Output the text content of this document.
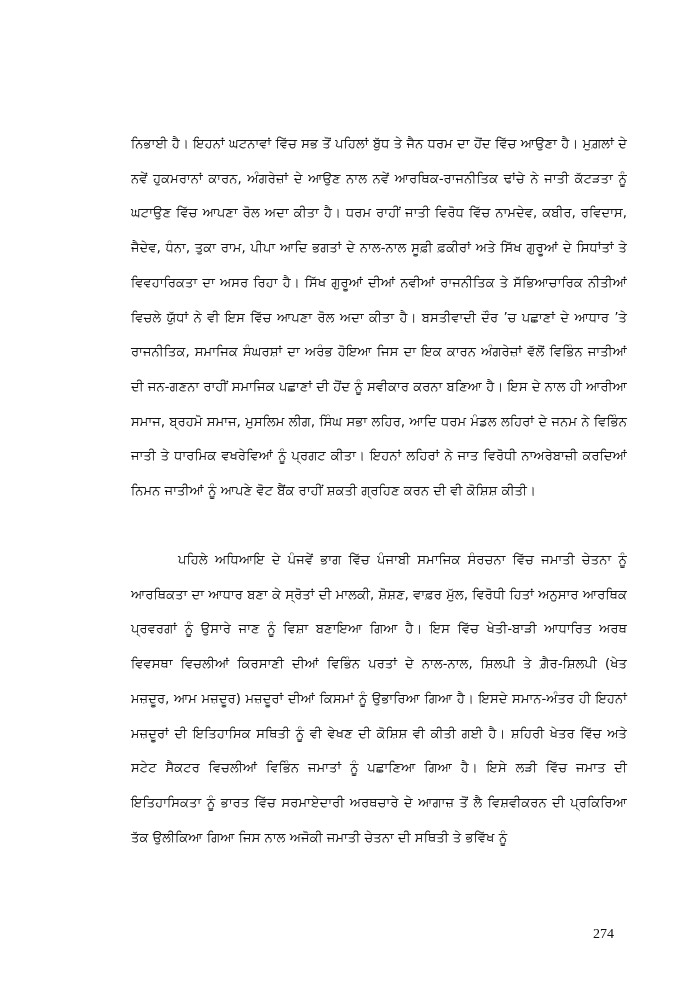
ਨਿਭਾਈ ਹੈ। ਇਹਨਾਂ ਘਟਨਾਵਾਂ ਵਿੱਚ ਸਭ ਤੋਂ ਪਹਿਲਾਂ ਬੁੱਧ ਤੇ ਜੈਨ ਧਰਮ ਦਾ ਹੋਂਦ ਵਿੱਚ ਆਉਣਾ ਹੈ। ਮੁਗ਼ਲਾਂ ਦੇ ਨਵੇਂ ਹੁਕਮਰਾਨਾਂ ਕਾਰਨ, ਅੰਗਰੇਜ਼ਾਂ ਦੇ ਆਉਣ ਨਾਲ ਨਵੇਂ ਆਰਥਿਕ-ਰਾਜਨੀਤਿਕ ਢਾਂਚੇ ਨੇ ਜਾਤੀ ਕੱਟੜਤਾ ਨੂੰ ਘਟਾਉਣ ਵਿੱਚ ਆਪਣਾ ਰੋਲ ਅਦਾ ਕੀਤਾ ਹੈ। ਧਰਮ ਰਾਹੀਂ ਜਾਤੀ ਵਿਰੋਧ ਵਿੱਚ ਨਾਮਦੇਵ, ਕਬੀਰ, ਰਵਿਦਾਸ, ਜੈਦੇਵ, ਧੰਨਾ, ਤੁਕਾ ਰਾਮ, ਪੀਪਾ ਆਦਿ ਭਗਤਾਂ ਦੇ ਨਾਲ-ਨਾਲ ਸੂਫ਼ੀ ਫ਼ਕੀਰਾਂ ਅਤੇ ਸਿੱਖ ਗੁਰੂਆਂ ਦੇ ਸਿਧਾਂਤਾਂ ਤੇ ਵਿਵਹਾਰਿਕਤਾ ਦਾ ਅਸਰ ਰਿਹਾ ਹੈ। ਸਿੱਖ ਗੁਰੂਆਂ ਦੀਆਂ ਨਵੀਆਂ ਰਾਜਨੀਤਿਕ ਤੇ ਸੱਭਿਆਚਾਰਿਕ ਨੀਤੀਆਂ ਵਿਚਲੇ ਯੁੱਧਾਂ ਨੇ ਵੀ ਇਸ ਵਿੱਚ ਆਪਣਾ ਰੋਲ ਅਦਾ ਕੀਤਾ ਹੈ। ਬਸਤੀਵਾਦੀ ਦੌਰ ’ਚ ਪਛਾਣਾਂ ਦੇ ਆਧਾਰ ’ਤੇ ਰਾਜਨੀਤਿਕ, ਸਮਾਜਿਕ ਸੰਘਰਸ਼ਾਂ ਦਾ ਅਰੰਭ ਹੋਇਆ ਜਿਸ ਦਾ ਇਕ ਕਾਰਨ ਅੰਗਰੇਜ਼ਾਂ ਵੱਲੋਂ ਵਿਭਿੰਨ ਜਾਤੀਆਂ ਦੀ ਜਨ-ਗਣਨਾ ਰਾਹੀਂ ਸਮਾਜਿਕ ਪਛਾਣਾਂ ਦੀ ਹੋਂਦ ਨੂੰ ਸਵੀਕਾਰ ਕਰਨਾ ਬਣਿਆ ਹੈ। ਇਸ ਦੇ ਨਾਲ ਹੀ ਆਰੀਆ ਸਮਾਜ, ਬ੍ਰਹਮੋ ਸਮਾਜ, ਮੁਸਲਿਮ ਲੀਗ, ਸਿੰਘ ਸਭਾ ਲਹਿਰ, ਆਦਿ ਧਰਮ ਮੰਡਲ ਲਹਿਰਾਂ ਦੇ ਜਨਮ ਨੇ ਵਿਭਿੰਨ ਜਾਤੀ ਤੇ ਧਾਰਮਿਕ ਵਖਰੇਵਿਆਂ ਨੂੰ ਪ੍ਰਗਟ ਕੀਤਾ। ਇਹਨਾਂ ਲਹਿਰਾਂ ਨੇ ਜਾਤ ਵਿਰੋਧੀ ਨਾਅਰੇਬਾਜ਼ੀ ਕਰਦਿਆਂ ਨਿਮਨ ਜਾਤੀਆਂ ਨੂੰ ਆਪਣੇ ਵੋਟ ਬੈਂਕ ਰਾਹੀਂ ਸ਼ਕਤੀ ਗ੍ਰਹਿਣ ਕਰਨ ਦੀ ਵੀ ਕੋਸ਼ਿਸ਼ ਕੀਤੀ।

ਪਹਿਲੇ ਅਧਿਆਇ ਦੇ ਪੰਜਵੇਂ ਭਾਗ ਵਿੱਚ ਪੰਜਾਬੀ ਸਮਾਜਿਕ ਸੰਰਚਨਾ ਵਿੱਚ ਜਮਾਤੀ ਚੇਤਨਾ ਨੂੰ ਆਰਥਿਕਤਾ ਦਾ ਆਧਾਰ ਬਣਾ ਕੇ ਸ੍ਰੋਤਾਂ ਦੀ ਮਾਲਕੀ, ਸ਼ੋਸ਼ਣ, ਵਾਫ਼ਰ ਮੁੱਲ, ਵਿਰੋਧੀ ਹਿਤਾਂ ਅਨੁਸਾਰ ਆਰਥਿਕ ਪ੍ਰਵਰਗਾਂ ਨੂੰ ਉਸਾਰੇ ਜਾਣ ਨੂੰ ਵਿਸ਼ਾ ਬਣਾਇਆ ਗਿਆ ਹੈ। ਇਸ ਵਿੱਚ ਖੇਤੀ-ਬਾੜੀ ਆਧਾਰਿਤ ਅਰਥ ਵਿਵਸਥਾ ਵਿਚਲੀਆਂ ਕਿਰਸਾਣੀ ਦੀਆਂ ਵਿਭਿੰਨ ਪਰਤਾਂ ਦੇ ਨਾਲ-ਨਾਲ, ਸ਼ਿਲਪੀ ਤੇ ਗ਼ੈਰ-ਸ਼ਿਲਪੀ (ਖੇਤ ਮਜ਼ਦੂਰ, ਆਮ ਮਜ਼ਦੂਰ) ਮਜ਼ਦੂਰਾਂ ਦੀਆਂ ਕਿਸਮਾਂ ਨੂੰ ਉਭਾਰਿਆ ਗਿਆ ਹੈ। ਇਸਦੇ ਸਮਾਨ-ਅੰਤਰ ਹੀ ਇਹਨਾਂ ਮਜ਼ਦੂਰਾਂ ਦੀ ਇਤਿਹਾਸਿਕ ਸਥਿਤੀ ਨੂੰ ਵੀ ਵੇਖਣ ਦੀ ਕੋਸ਼ਿਸ਼ ਵੀ ਕੀਤੀ ਗਈ ਹੈ। ਸ਼ਹਿਰੀ ਖੇਤਰ ਵਿੱਚ ਅਤੇ ਸਟੇਟ ਸੈਕਟਰ ਵਿਚਲੀਆਂ ਵਿਭਿੰਨ ਜਮਾਤਾਂ ਨੂੰ ਪਛਾਣਿਆ ਗਿਆ ਹੈ। ਇਸੇ ਲੜੀ ਵਿੱਚ ਜਮਾਤ ਦੀ ਇਤਿਹਾਸਿਕਤਾ ਨੂੰ ਭਾਰਤ ਵਿੱਚ ਸਰਮਾਏਦਾਰੀ ਅਰਥਚਾਰੇ ਦੇ ਆਗਾਜ਼ ਤੋਂ ਲੈ ਵਿਸ਼ਵੀਕਰਨ ਦੀ ਪ੍ਰਕਿਰਿਆ ਤੱਕ ਉਲੀਕਿਆ ਗਿਆ ਜਿਸ ਨਾਲ ਅਜੋਕੀ ਜਮਾਤੀ ਚੇਤਨਾ ਦੀ ਸਥਿਤੀ ਤੇ ਭਵਿੱਖ ਨੂੰ

274
